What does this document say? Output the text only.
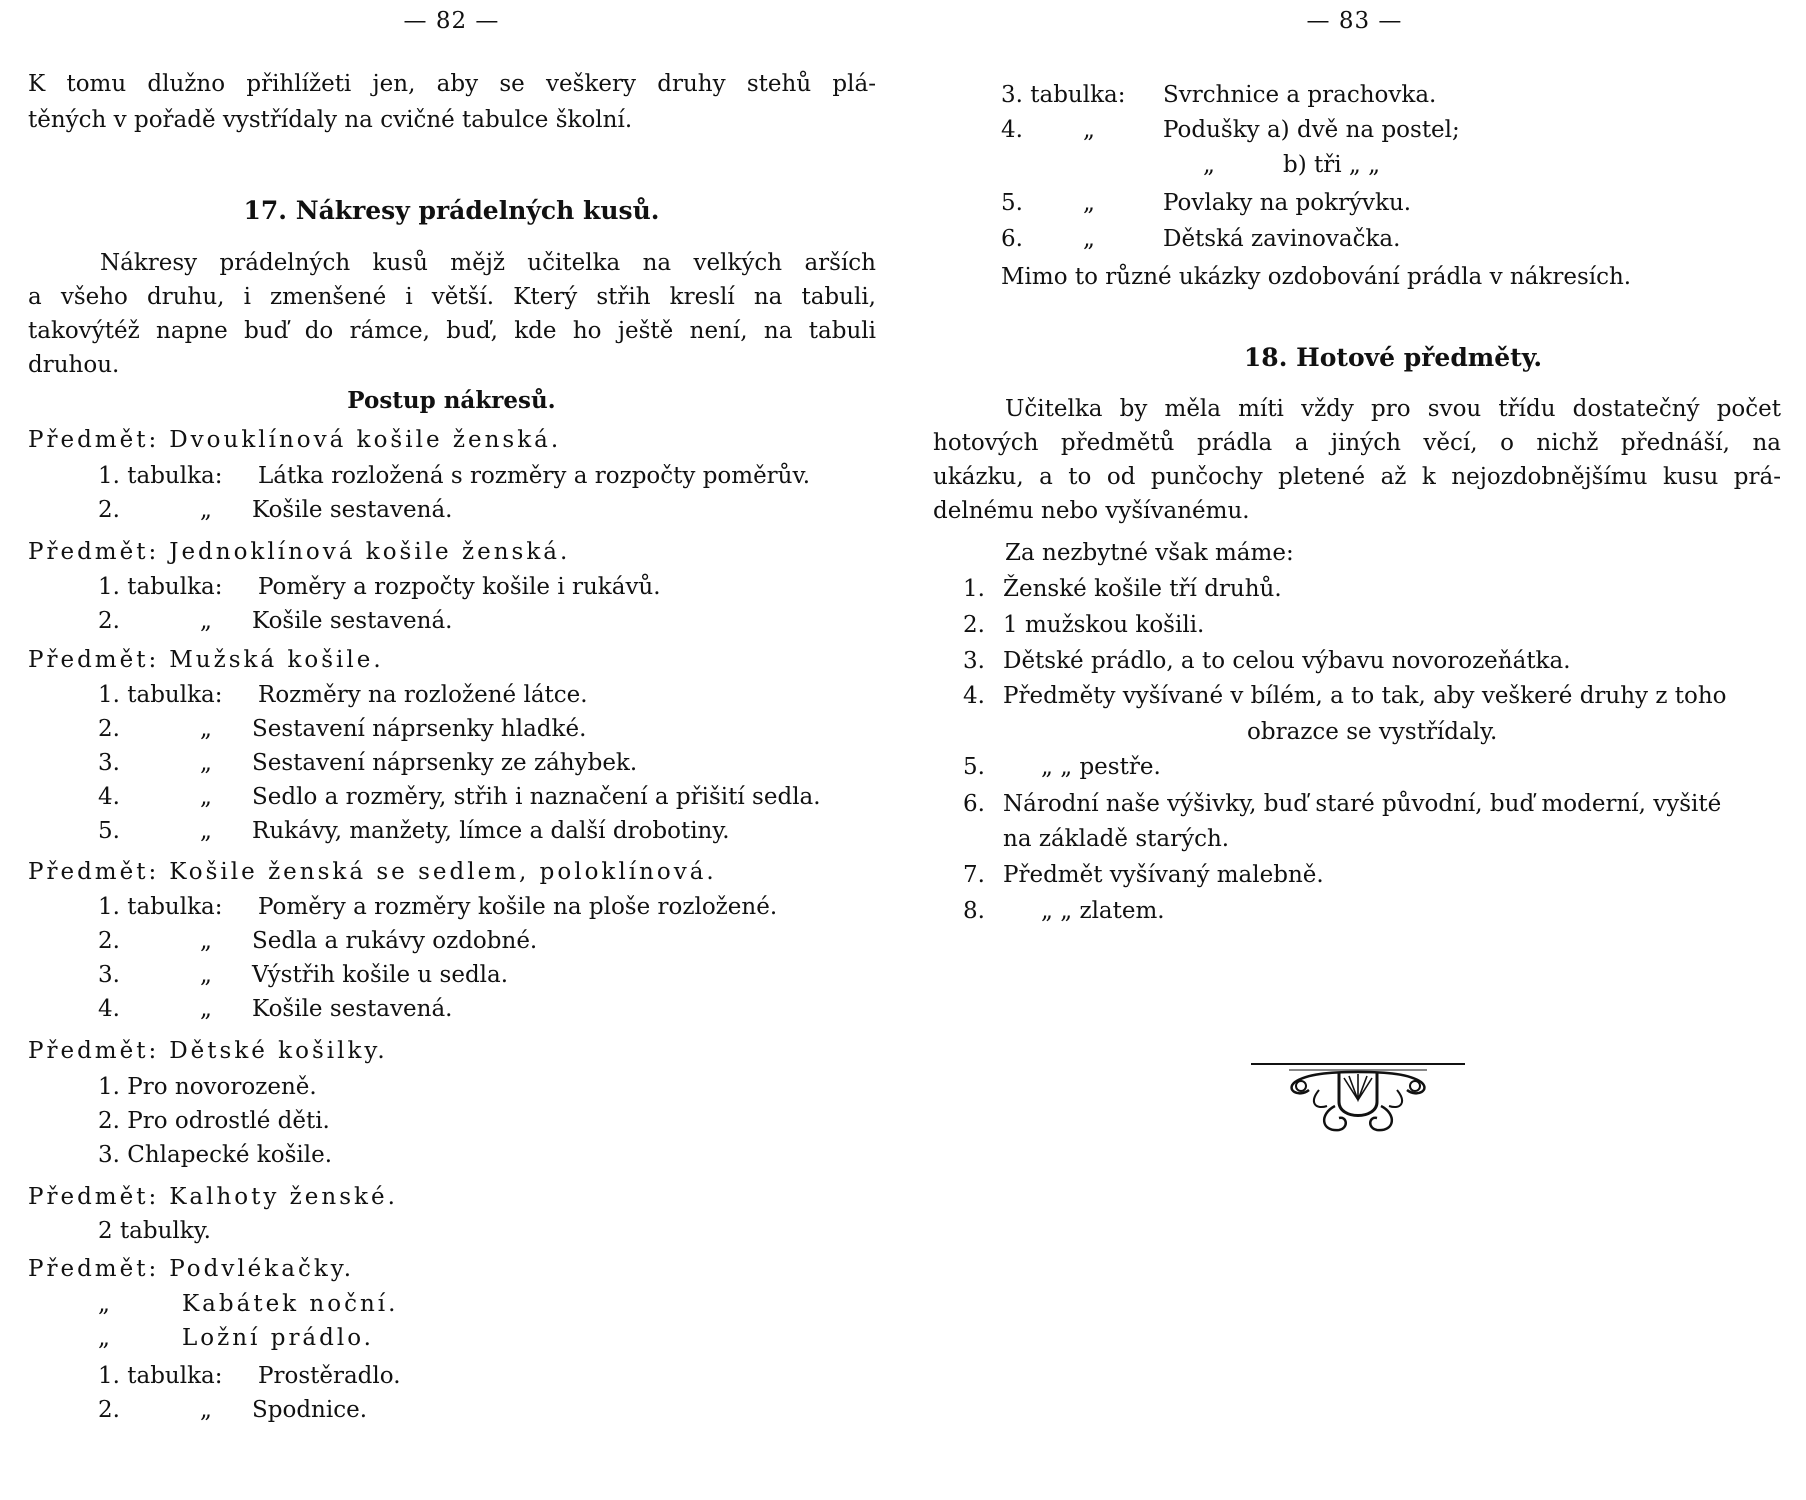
— 82 —
K tomu dlužno přihlížeti jen, aby se veškery druhy stehů plá-
těných v pořadě vystřídaly na cvičné tabulce školní.
17. Nákresy prádelných kusů.
Nákresy prádelných kusů mějž učitelka na velkých arších
a všeho druhu, i zmenšené i větší. Který střih kreslí na tabuli,
takovýtéž napne buď do rámce, buď, kde ho ještě není, na tabuli
druhou.
Postup nákresů.
Předmět: Dvouklínová košile ženská.
1. tabulka: Látka rozložená s rozměry a rozpočty poměrův.
2.	„ Košile sestavená.
Předmět: Jednoklínová košile ženská.
1. tabulka: Poměry a rozpočty košile i rukávů.
2.	„ Košile sestavená.
Předmět: Mužská košile.
1. tabulka: Rozměry na rozložené látce.
2.	„ Sestavení náprsenky hladké.
3.	„ Sestavení náprsenky ze záhybek.
4.	„ Sedlo a rozměry, střih i naznačení a přišití sedla.
5.	„ Rukávy, manžety, límce a další drobotiny.
Předmět: Košile ženská se sedlem, poloklínová.
1. tabulka: Poměry a rozměry košile na ploše rozložené.
2.	„ Sedla a rukávy ozdobné.
3.	„ Výstřih košile u sedla.
4.	„ Košile sestavená.
Předmět: Dětské košilky.
1. Pro novorozeně.
2. Pro odrostlé děti.
3. Chlapecké košile.
Předmět: Kalhoty ženské.
2 tabulky.
Předmět: Podvlékačky.
„	Kabátek noční.
„	Ložní prádlo.
1. tabulka: Prostěradlo.
2.	„ Spodnice.
— 83 —
3. tabulka: Svrchnice a prachovka.
4.	„	Podušky a) dvě na postel;
„	b) tři „ „
5.	„	Povlaky na pokrývku.
6.	„	Dětská zavinovačka.
Mimo to různé ukázky ozdobování prádla v nákresích.
18. Hotové předměty.
Učitelka by měla míti vždy pro svou třídu dostatečný počet
hotových předmětů prádla a jiných věcí, o nichž přednáší, na
ukázku, a to od punčochy pletené až k nejozdobnějšímu kusu prá-
delnému nebo vyšívanému.
Za nezbytné však máme:
1. Ženské košile tří druhů.
2. 1 mužskou košili.
3. Dětské prádlo, a to celou výbavu novorozeňátka.
4. Předměty vyšívané v bílém, a to tak, aby veškeré druhy z toho
obrazce se vystřídaly.
5. „ „ pestře.
6. Národní naše výšivky, buď staré původní, buď moderní, vyšité
na základě starých.
7. Předmět vyšívaný malebně.
8. „ „ zlatem.
